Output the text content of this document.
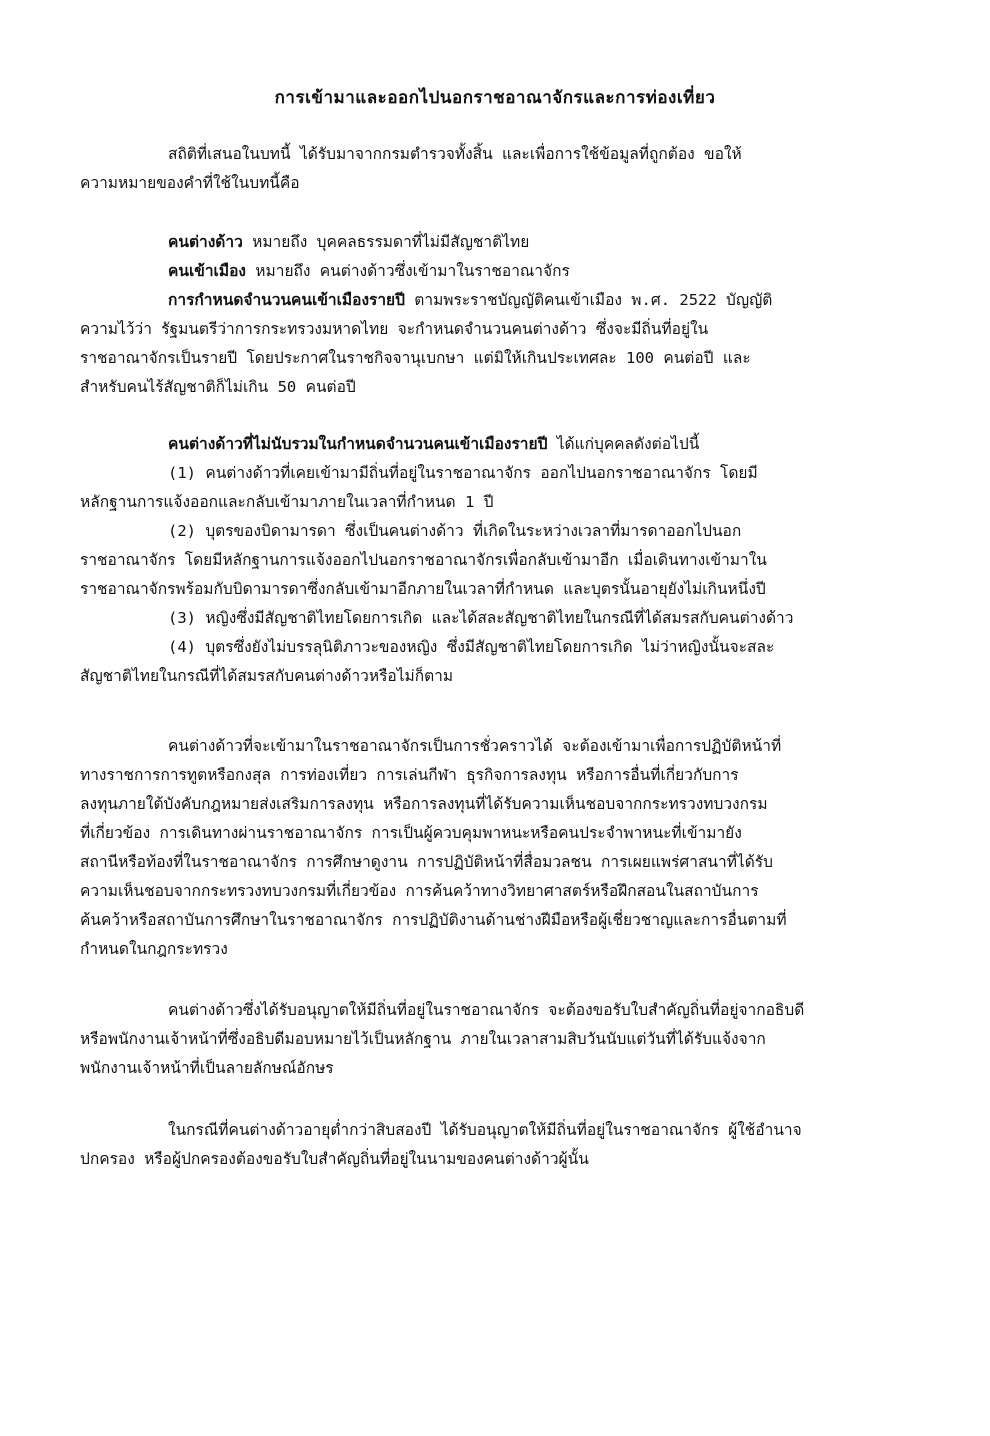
การเข้ามาและออกไปนอกราชอาณาจักรและการท่องเที่ยว

สถิติที่เสนอในบทนี้ ได้รับมาจากกรมตำรวจทั้งสิ้น และเพื่อการใช้ข้อมูลที่ถูกต้อง ขอให้
ความหมายของคำที่ใช้ในบทนี้คือ

คนต่างด้าว หมายถึง บุคคลธรรมดาที่ไม่มีสัญชาติไทย
คนเข้าเมือง หมายถึง คนต่างด้าวซึ่งเข้ามาในราชอาณาจักร
การกำหนดจำนวนคนเข้าเมืองรายปี ตามพระราชบัญญัติคนเข้าเมือง พ.ศ. 2522 บัญญัติ
ความไว้ว่า รัฐมนตรีว่าการกระทรวงมหาดไทย จะกำหนดจำนวนคนต่างด้าว ซึ่งจะมีถิ่นที่อยู่ใน
ราชอาณาจักรเป็นรายปี โดยประกาศในราชกิจจานุเบกษา แต่มิให้เกินประเทศละ 100 คนต่อปี และ
สำหรับคนไร้สัญชาติก็ไม่เกิน 50 คนต่อปี

คนต่างด้าวที่ไม่นับรวมในกำหนดจำนวนคนเข้าเมืองรายปี ได้แก่บุคคลดังต่อไปนี้
(1) คนต่างด้าวที่เคยเข้ามามีถิ่นที่อยู่ในราชอาณาจักร ออกไปนอกราชอาณาจักร โดยมี
หลักฐานการแจ้งออกและกลับเข้ามาภายในเวลาที่กำหนด 1 ปี
(2) บุตรของบิดามารดา ซึ่งเป็นคนต่างด้าว ที่เกิดในระหว่างเวลาที่มารดาออกไปนอก
ราชอาณาจักร โดยมีหลักฐานการแจ้งออกไปนอกราชอาณาจักรเพื่อกลับเข้ามาอีก เมื่อเดินทางเข้ามาใน
ราชอาณาจักรพร้อมกับบิดามารดาซึ่งกลับเข้ามาอีกภายในเวลาที่กำหนด และบุตรนั้นอายุยังไม่เกินหนึ่งปี
(3) หญิงซึ่งมีสัญชาติไทยโดยการเกิด และได้สละสัญชาติไทยในกรณีที่ได้สมรสกับคนต่างด้าว
(4) บุตรซึ่งยังไม่บรรลุนิติภาวะของหญิง ซึ่งมีสัญชาติไทยโดยการเกิด ไม่ว่าหญิงนั้นจะสละ
สัญชาติไทยในกรณีที่ได้สมรสกับคนต่างด้าวหรือไม่ก็ตาม

คนต่างด้าวที่จะเข้ามาในราชอาณาจักรเป็นการชั่วคราวได้ จะต้องเข้ามาเพื่อการปฏิบัติหน้าที่
ทางราชการการทูตหรือกงสุล การท่องเที่ยว การเล่นกีฬา ธุรกิจการลงทุน หรือการอื่นที่เกี่ยวกับการ
ลงทุนภายใต้บังคับกฎหมายส่งเสริมการลงทุน หรือการลงทุนที่ได้รับความเห็นชอบจากกระทรวงทบวงกรม
ที่เกี่ยวข้อง การเดินทางผ่านราชอาณาจักร การเป็นผู้ควบคุมพาหนะหรือคนประจำพาหนะที่เข้ามายัง
สถานีหรือท้องที่ในราชอาณาจักร การศึกษาดูงาน การปฏิบัติหน้าที่สื่อมวลชน การเผยแพร่ศาสนาที่ได้รับ
ความเห็นชอบจากกระทรวงทบวงกรมที่เกี่ยวข้อง การค้นคว้าทางวิทยาศาสตร์หรือฝึกสอนในสถาบันการ
ค้นคว้าหรือสถาบันการศึกษาในราชอาณาจักร การปฏิบัติงานด้านช่างฝีมือหรือผู้เชี่ยวชาญและการอื่นตามที่
กำหนดในกฎกระทรวง

คนต่างด้าวซึ่งได้รับอนุญาตให้มีถิ่นที่อยู่ในราชอาณาจักร จะต้องขอรับใบสำคัญถิ่นที่อยู่จากอธิบดี
หรือพนักงานเจ้าหน้าที่ซึ่งอธิบดีมอบหมายไว้เป็นหลักฐาน ภายในเวลาสามสิบวันนับแต่วันที่ได้รับแจ้งจาก
พนักงานเจ้าหน้าที่เป็นลายลักษณ์อักษร

ในกรณีที่คนต่างด้าวอายุต่ำกว่าสิบสองปี ได้รับอนุญาตให้มีถิ่นที่อยู่ในราชอาณาจักร ผู้ใช้อำนาจ
ปกครอง หรือผู้ปกครองต้องขอรับใบสำคัญถิ่นที่อยู่ในนามของคนต่างด้าวผู้นั้น
